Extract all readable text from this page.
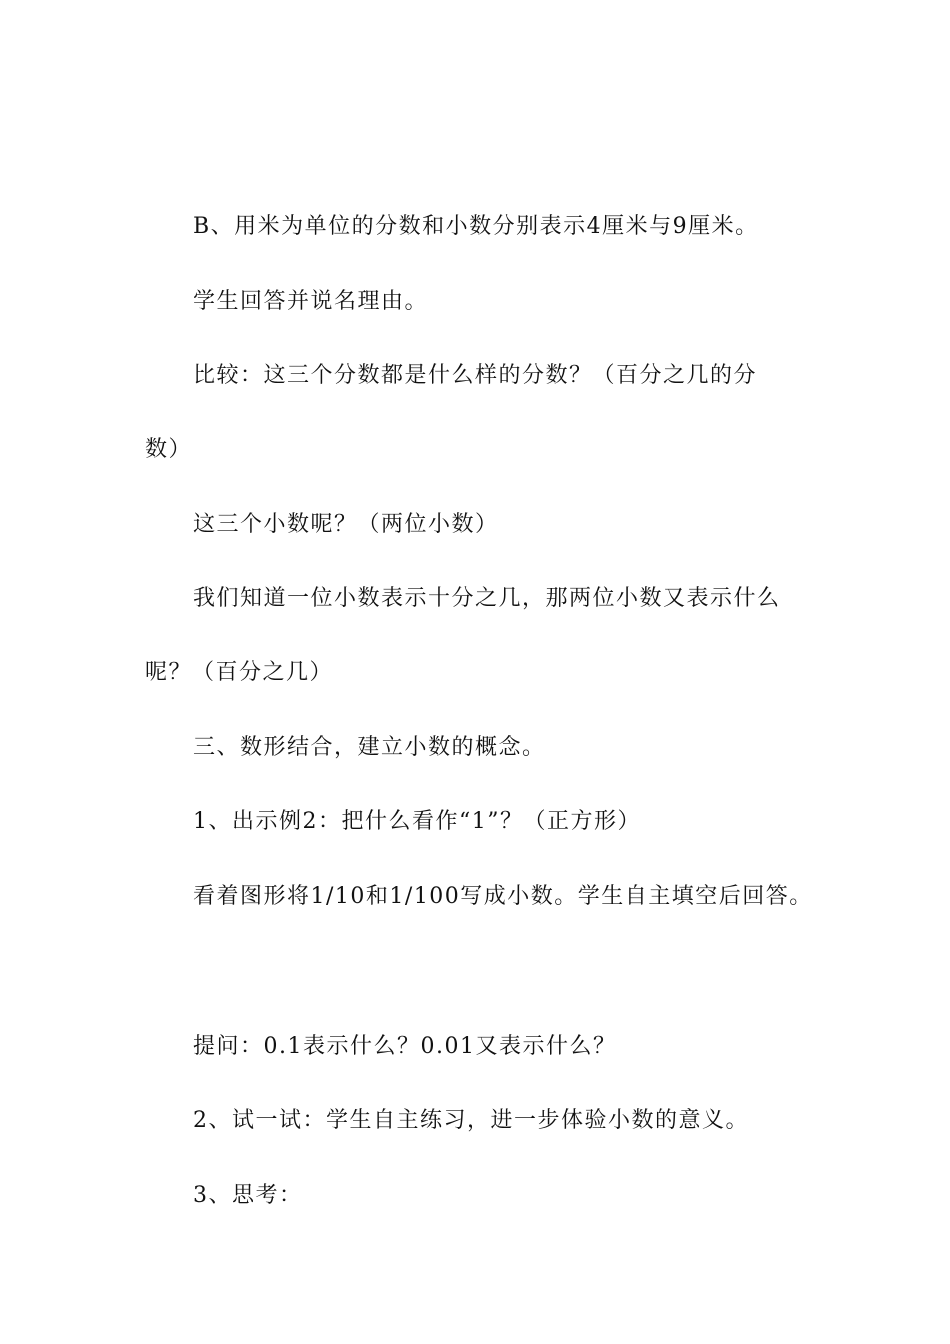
B、用米为单位的分数和小数分别表示4厘米与9厘米。
学生回答并说名理由。
比较：这三个分数都是什么样的分数？（百分之几的分
数）
这三个小数呢？（两位小数）
我们知道一位小数表示十分之几，那两位小数又表示什么
呢？（百分之几）
三、数形结合，建立小数的概念。
1、出示例2：把什么看作“1”？（正方形）
看着图形将1/10和1/100写成小数。学生自主填空后回答。
提问：0.1表示什么？0.01又表示什么？
2、试一试：学生自主练习，进一步体验小数的意义。
3、思考：
